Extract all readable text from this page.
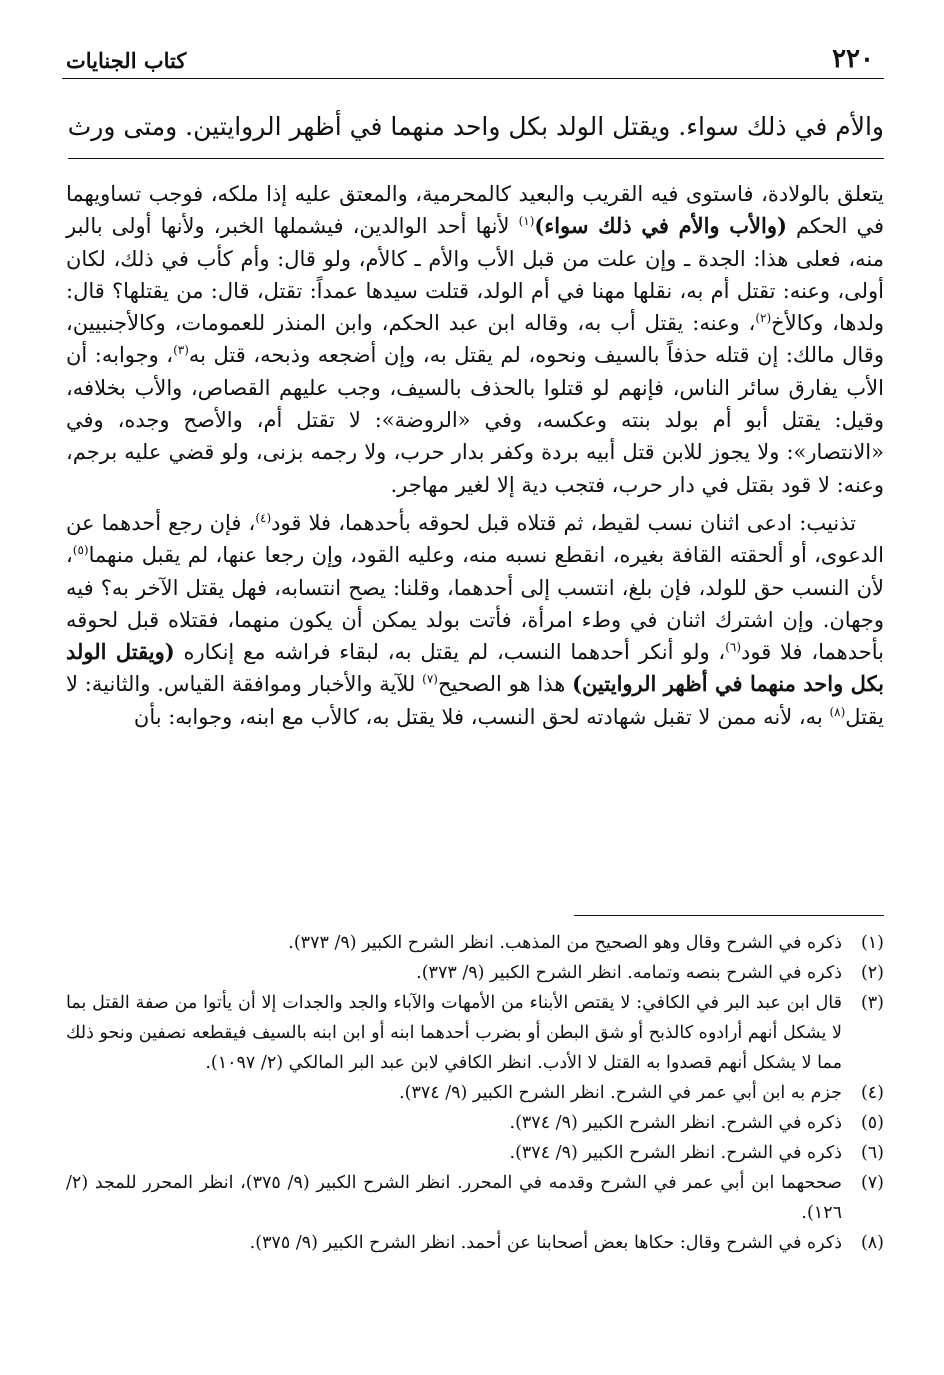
٢٢٠
كتاب الجنايات
والأم في ذلك سواء. ويقتل الولد بكل واحد منهما في أظهر الروايتين. ومتى ورث

يتعلق بالولادة، فاستوى فيه القريب والبعيد كالمحرمية، والمعتق عليه إذا ملكه، فوجب تساويهما في الحكم (والأب والأم في ذلك سواء)$^{(١)}$ لأنها أحد الوالدين، فيشملها الخبر، ولأنها أولى بالبر منه، فعلى هذا: الجدة ـ وإن علت من قبل الأب والأم ـ كالأم، ولو قال: وأم كأب في ذلك، لكان أولى، وعنه: تقتل أم به، نقلها مهنا في أم الولد، قتلت سيدها عمداً: تقتل، قال: من يقتلها؟ قال: ولدها، وكالأخ$^{(٢)}$، وعنه: يقتل أب به، وقاله ابن عبد الحكم، وابن المنذر للعمومات، وكالأجنبيين، وقال مالك: إن قتله حذفاً بالسيف ونحوه، لم يقتل به، وإن أضجعه وذبحه، قتل به$^{(٣)}$، وجوابه: أن الأب يفارق سائر الناس، فإنهم لو قتلوا بالحذف بالسيف، وجب عليهم القصاص، والأب بخلافه، وقيل: يقتل أبو أم بولد بنته وعكسه، وفي «الروضة»: لا تقتل أم، والأصح وجده، وفي «الانتصار»: ولا يجوز للابن قتل أبيه بردة وكفر بدار حرب، ولا رجمه بزنى، ولو قضي عليه برجم، وعنه: لا قود بقتل في دار حرب، فتجب دية إلا لغير مهاجر.

تذنيب: ادعى اثنان نسب لقيط، ثم قتلاه قبل لحوقه بأحدهما، فلا قود$^{(٤)}$، فإن رجع أحدهما عن الدعوى، أو ألحقته القافة بغيره، انقطع نسبه منه، وعليه القود، وإن رجعا عنها، لم يقبل منهما$^{(٥)}$، لأن النسب حق للولد، فإن بلغ، انتسب إلى أحدهما، وقلنا: يصح انتسابه، فهل يقتل الآخر به؟ فيه وجهان. وإن اشترك اثنان في وطء امرأة، فأتت بولد يمكن أن يكون منهما، فقتلاه قبل لحوقه بأحدهما، فلا قود$^{(٦)}$، ولو أنكر أحدهما النسب، لم يقتل به، لبقاء فراشه مع إنكاره (ويقتل الولد بكل واحد منهما في أظهر الروايتين) هذا هو الصحيح$^{(٧)}$ للآية والأخبار وموافقة القياس. والثانية: لا يقتل$^{(٨)}$ به، لأنه ممن لا تقبل شهادته لحق النسب، فلا يقتل به، كالأب مع ابنه، وجوابه: بأن

(١)
ذكره في الشرح وقال وهو الصحيح من المذهب. انظر الشرح الكبير (٩/ ٣٧٣).
(٢)
ذكره في الشرح بنصه وتمامه. انظر الشرح الكبير (٩/ ٣٧٣).
(٣)
قال ابن عبد البر في الكافي: لا يقتص الأبناء من الأمهات والآباء والجد والجدات إلا أن يأتوا من صفة القتل بما لا يشكل أنهم أرادوه كالذبح أو شق البطن أو بضرب أحدهما ابنه أو ابن ابنه بالسيف فيقطعه نصفين ونحو ذلك مما لا يشكل أنهم قصدوا به القتل لا الأدب. انظر الكافي لابن عبد البر المالكي (٢/ ١٠٩٧).
(٤)
جزم به ابن أبي عمر في الشرح. انظر الشرح الكبير (٩/ ٣٧٤).
(٥)
ذكره في الشرح. انظر الشرح الكبير (٩/ ٣٧٤).
(٦)
ذكره في الشرح. انظر الشرح الكبير (٩/ ٣٧٤).
(٧)
صححهما ابن أبي عمر في الشرح وقدمه في المحرر. انظر الشرح الكبير (٩/ ٣٧٥)، انظر المحرر للمجد (٢/ ١٢٦).
(٨)
ذكره في الشرح وقال: حكاها بعض أصحابنا عن أحمد. انظر الشرح الكبير (٩/ ٣٧٥).
